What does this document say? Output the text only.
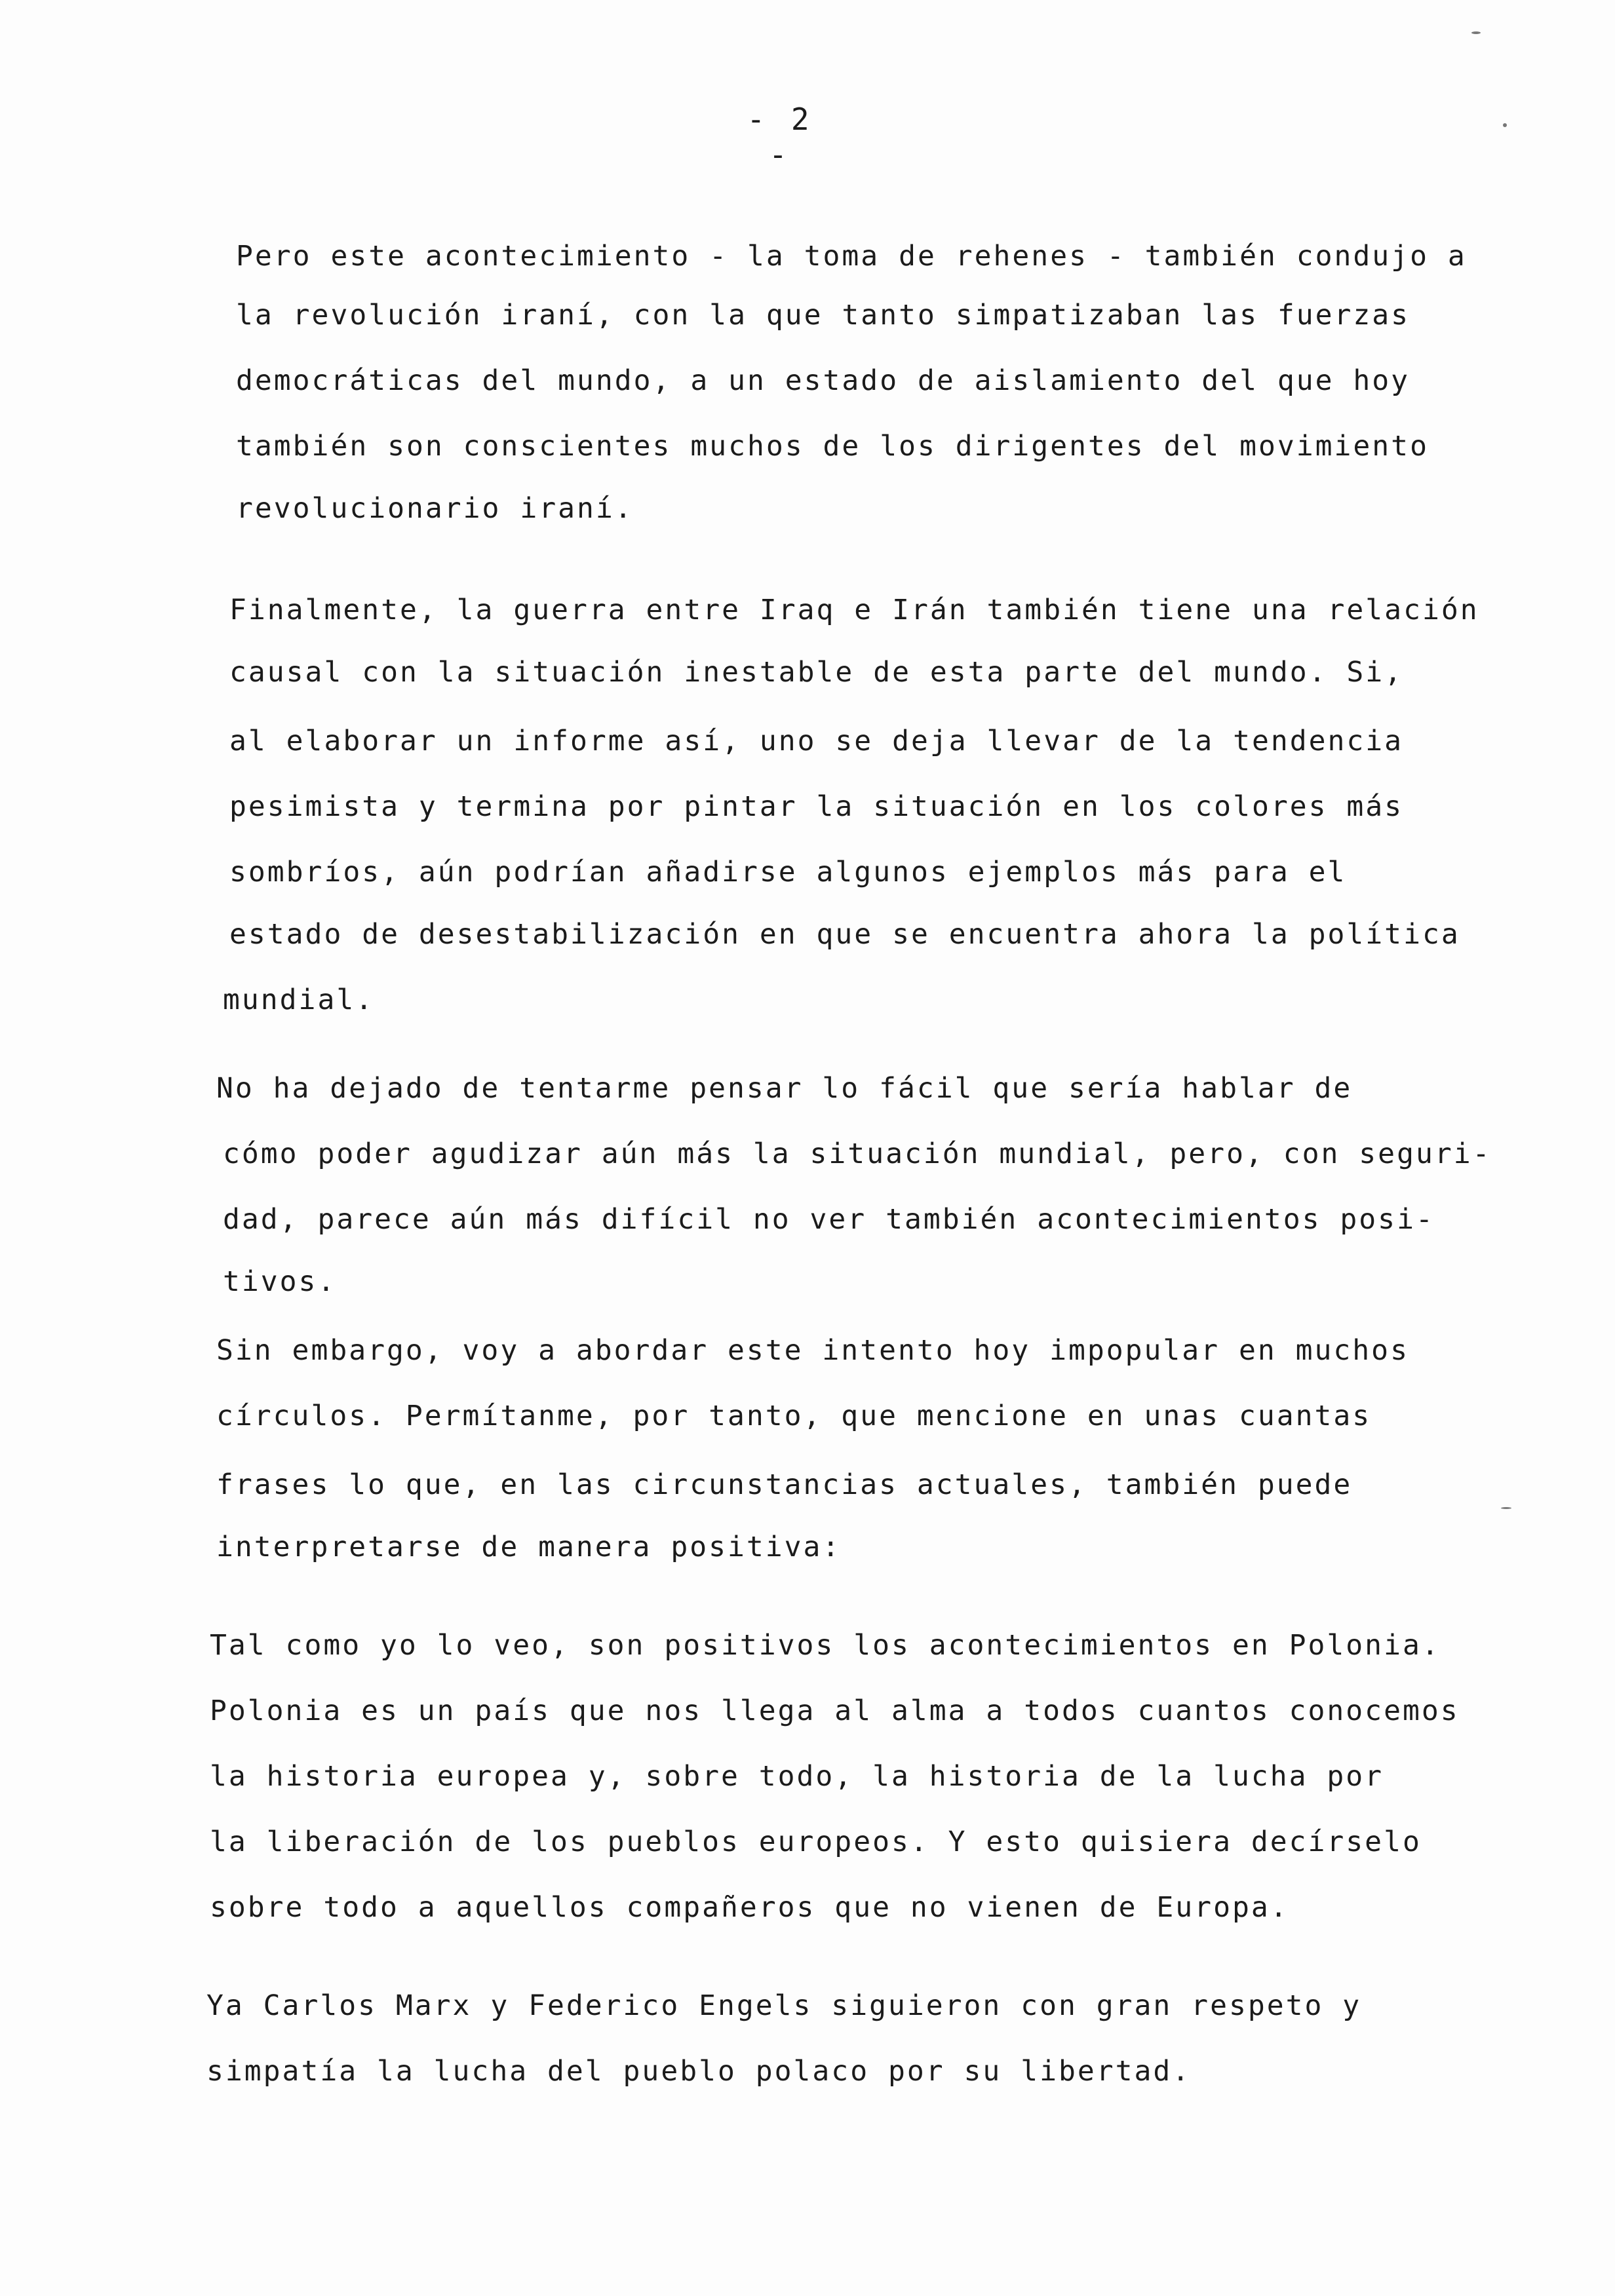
- 2 -
Pero este acontecimiento - la toma de rehenes - también condujo a
la revolución iraní, con la que tanto simpatizaban las fuerzas
democráticas del mundo, a un estado de aislamiento del que hoy
también son conscientes muchos de los dirigentes del movimiento
revolucionario iraní.
Finalmente, la guerra entre Iraq e Irán también tiene una relación
causal con la situación inestable de esta parte del mundo. Si,
al elaborar un informe así, uno se deja llevar de la tendencia
pesimista y termina por pintar la situación en los colores más
sombríos, aún podrían añadirse algunos ejemplos más para el
estado de desestabilización en que se encuentra ahora la política
mundial.
No ha dejado de tentarme pensar lo fácil que sería hablar de
cómo poder agudizar aún más la situación mundial, pero, con seguri-
dad, parece aún más difícil no ver también acontecimientos posi-
tivos.
Sin embargo, voy a abordar este intento hoy impopular en muchos
círculos. Permítanme, por tanto, que mencione en unas cuantas
frases lo que, en las circunstancias actuales, también puede
interpretarse de manera positiva:
Tal como yo lo veo, son positivos los acontecimientos en Polonia.
Polonia es un país que nos llega al alma a todos cuantos conocemos
la historia europea y, sobre todo, la historia de la lucha por
la liberación de los pueblos europeos. Y esto quisiera decírselo
sobre todo a aquellos compañeros que no vienen de Europa.
Ya Carlos Marx y Federico Engels siguieron con gran respeto y
simpatía la lucha del pueblo polaco por su libertad.
